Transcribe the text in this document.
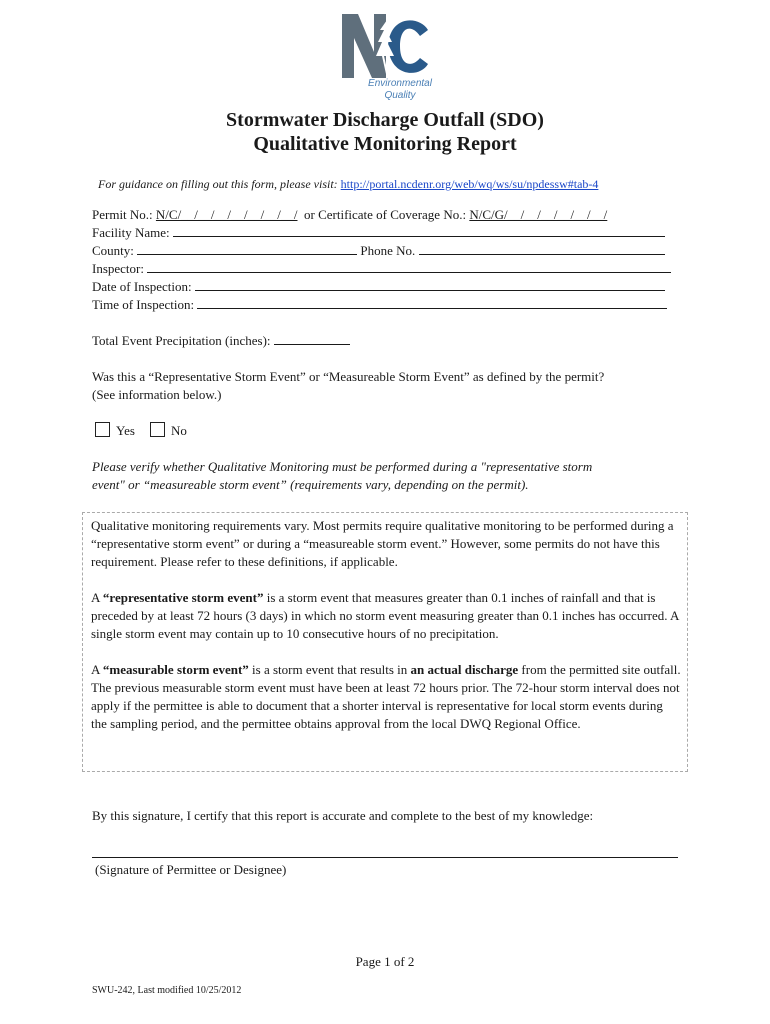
Environmental Quality
Stormwater Discharge Outfall (SDO)
Qualitative Monitoring Report
For guidance on filling out this form, please visit: http://portal.ncdenr.org/web/wq/ws/su/npdessw#tab-4
Permit No.: N/C/__/__/__/__/__/__/__/ or Certificate of Coverage No.: N/C/G/__/__/__/__/__/__/
Facility Name:
County:	Phone No.
Inspector:
Date of Inspection:
Time of Inspection:
Total Event Precipitation (inches):
Was this a “Representative Storm Event” or “Measureable Storm Event” as defined by the permit?
(See information below.)
Yes	No
Please verify whether Qualitative Monitoring must be performed during a "representative storm
event" or “measureable storm event” (requirements vary, depending on the permit).

Qualitative monitoring requirements vary. Most permits require qualitative monitoring to be performed during a “representative storm event” or during a “measureable storm event.” However, some permits do not have this requirement. Please refer to these definitions, if applicable.

A “representative storm event” is a storm event that measures greater than 0.1 inches of rainfall and that is preceded by at least 72 hours (3 days) in which no storm event measuring greater than 0.1 inches has occurred. A single storm event may contain up to 10 consecutive hours of no precipitation.

A “measurable storm event” is a storm event that results in an actual discharge from the permitted site outfall. The previous measurable storm event must have been at least 72 hours prior. The 72-hour storm interval does not apply if the permittee is able to document that a shorter interval is representative for local storm events during the sampling period, and the permittee obtains approval from the local DWQ Regional Office.

By this signature, I certify that this report is accurate and complete to the best of my knowledge:
(Signature of Permittee or Designee)
Page 1 of 2
SWU-242, Last modified 10/25/2012
